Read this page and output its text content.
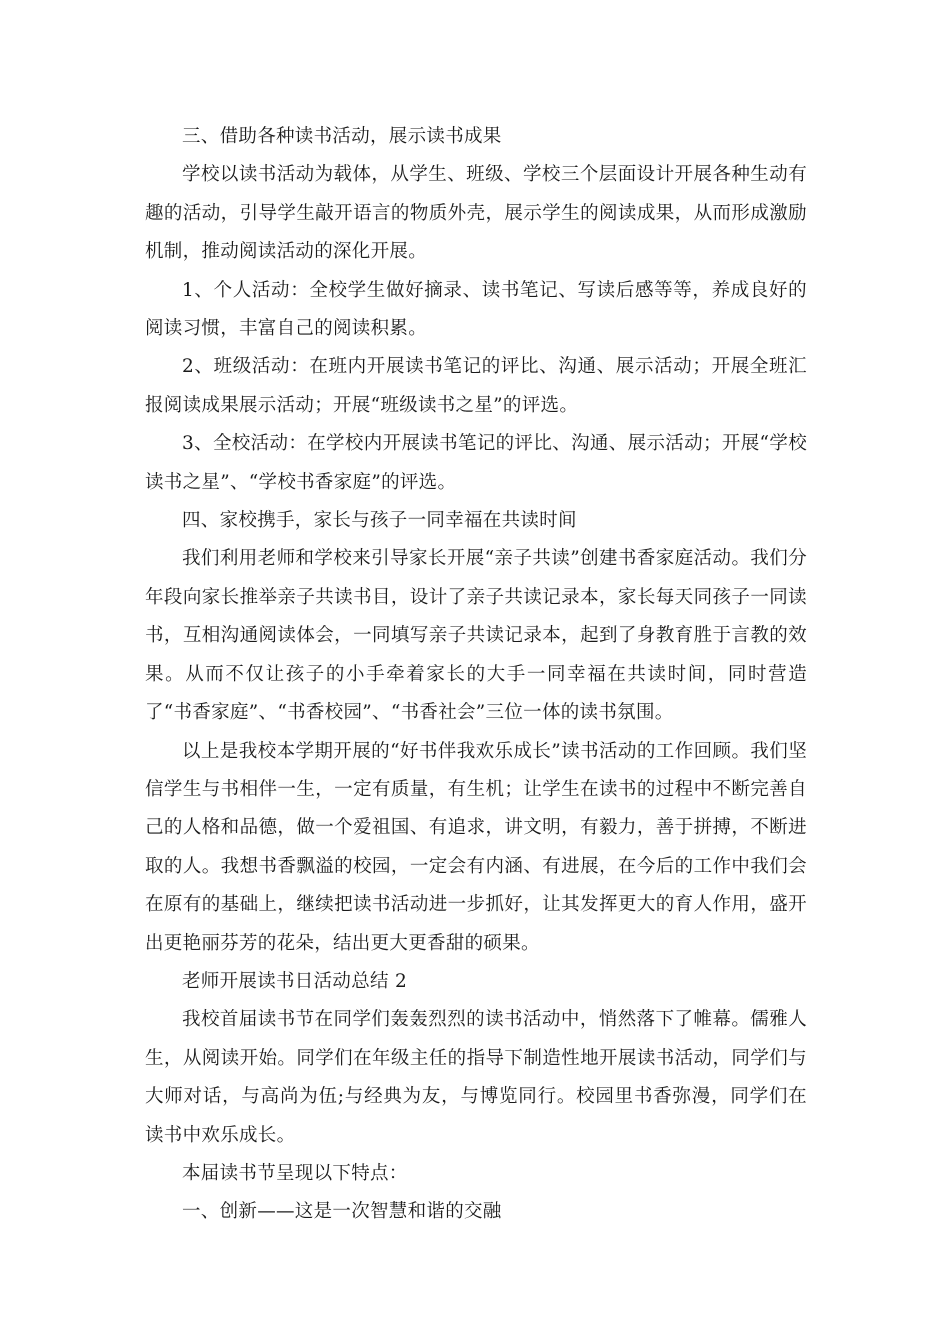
三、借助各种读书活动，展示读书成果

学校以读书活动为载体，从学生、班级、学校三个层面设计开展各种生动有趣的活动，引导学生敲开语言的物质外壳，展示学生的阅读成果，从而形成激励机制，推动阅读活动的深化开展。

1、个人活动：全校学生做好摘录、读书笔记、写读后感等等，养成良好的阅读习惯，丰富自己的阅读积累。

2、班级活动：在班内开展读书笔记的评比、沟通、展示活动；开展全班汇报阅读成果展示活动；开展“班级读书之星”的评选。

3、全校活动：在学校内开展读书笔记的评比、沟通、展示活动；开展“学校读书之星”、“学校书香家庭”的评选。

四、家校携手，家长与孩子一同幸福在共读时间

我们利用老师和学校来引导家长开展“亲子共读”创建书香家庭活动。我们分年段向家长推举亲子共读书目，设计了亲子共读记录本，家长每天同孩子一同读书，互相沟通阅读体会，一同填写亲子共读记录本，起到了身教育胜于言教的效果。从而不仅让孩子的小手牵着家长的大手一同幸福在共读时间，同时营造了“书香家庭”、“书香校园”、“书香社会”三位一体的读书氛围。

以上是我校本学期开展的“好书伴我欢乐成长”读书活动的工作回顾。我们坚信学生与书相伴一生，一定有质量，有生机；让学生在读书的过程中不断完善自己的人格和品德，做一个爱祖国、有追求，讲文明，有毅力，善于拼搏，不断进取的人。我想书香飘溢的校园，一定会有内涵、有进展，在今后的工作中我们会在原有的基础上，继续把读书活动进一步抓好，让其发挥更大的育人作用，盛开出更艳丽芬芳的花朵，结出更大更香甜的硕果。

老师开展读书日活动总结 2

我校首届读书节在同学们轰轰烈烈的读书活动中，悄然落下了帷幕。儒雅人生，从阅读开始。同学们在年级主任的指导下制造性地开展读书活动，同学们与大师对话，与高尚为伍;与经典为友，与博览同行。校园里书香弥漫，同学们在读书中欢乐成长。

本届读书节呈现以下特点：

一、创新——这是一次智慧和谐的交融
